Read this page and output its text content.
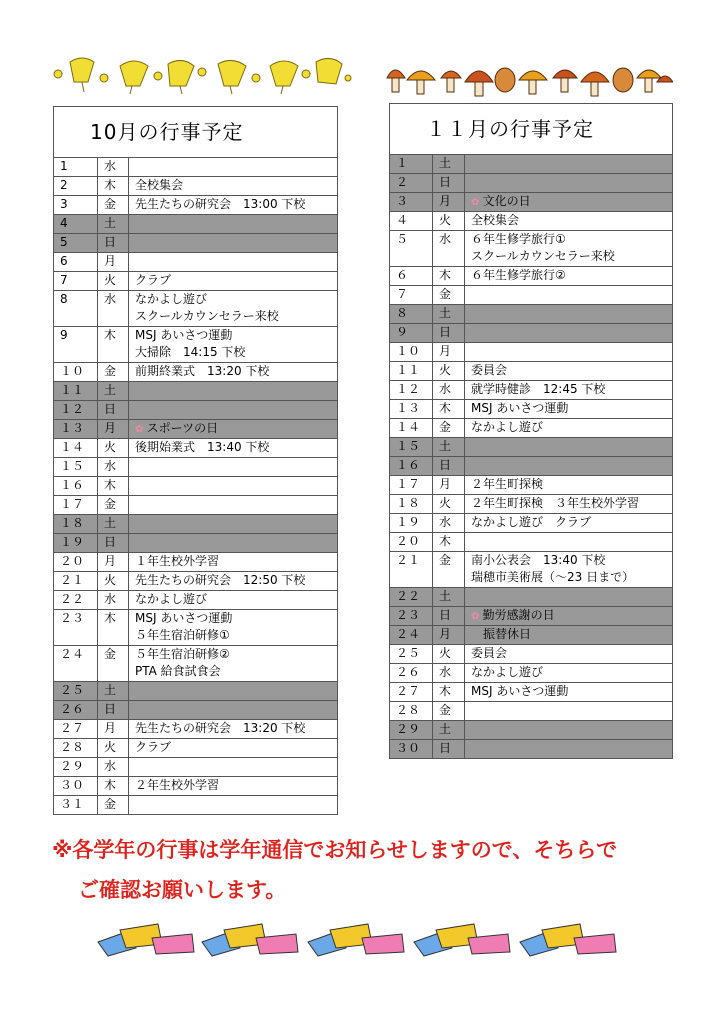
10月の行事予定		
1	水	
2	木	全校集会

3	金	先生たちの研究会　13:00 下校

4	土	
5	日	
6	月	
7	火	クラブ

8	水	なかよし遊び
スクールカウンセラー来校

9	木	MSJ あいさつ運動
大掃除　14:15 下校

１０	金	前期終業式　13:20 下校

１１	土	
１２	日	
１３	月	✿ スポーツの日

１４	火	後期始業式　13:40 下校

１５	水	
１６	木	
１７	金	
１８	土	
１９	日	
２０	月	１年生校外学習

２１	火	先生たちの研究会　12:50 下校

２２	水	なかよし遊び

２３	木	MSJ あいさつ運動
５年生宿泊研修①

２４	金	５年生宿泊研修②
PTA 給食試食会

２５	土	
２６	日	
２７	月	先生たちの研究会　13:20 下校

２８	火	クラブ

２９	水	
３０	木	２年生校外学習

３１	金	
１１月の行事予定		
１	土	
２	日	
３	月	✿ 文化の日

４	火	全校集会

５	水	６年生修学旅行①
スクールカウンセラー来校

６	木	６年生修学旅行②

７	金	
８	土	
９	日	
１０	月	
１１	火	委員会

１２	水	就学時健診　12:45 下校

１３	木	MSJ あいさつ運動

１４	金	なかよし遊び

１５	土	
１６	日	
１７	月	２年生町探検

１８	火	２年生町探検　３年生校外学習

１９	水	なかよし遊び　クラブ

２０	木	
２１	金	南小公表会　13:40 下校
瑞穂市美術展（～23 日まで）

２２	土	
２３	日	✿ 勤労感謝の日

２４	月	　振替休日

２５	火	委員会

２６	水	なかよし遊び

２７	木	MSJ あいさつ運動

２８	金	
２９	土	
３０	日	
※各学年の行事は学年通信でお知らせしますので、そちらで
ご確認お願いします。
